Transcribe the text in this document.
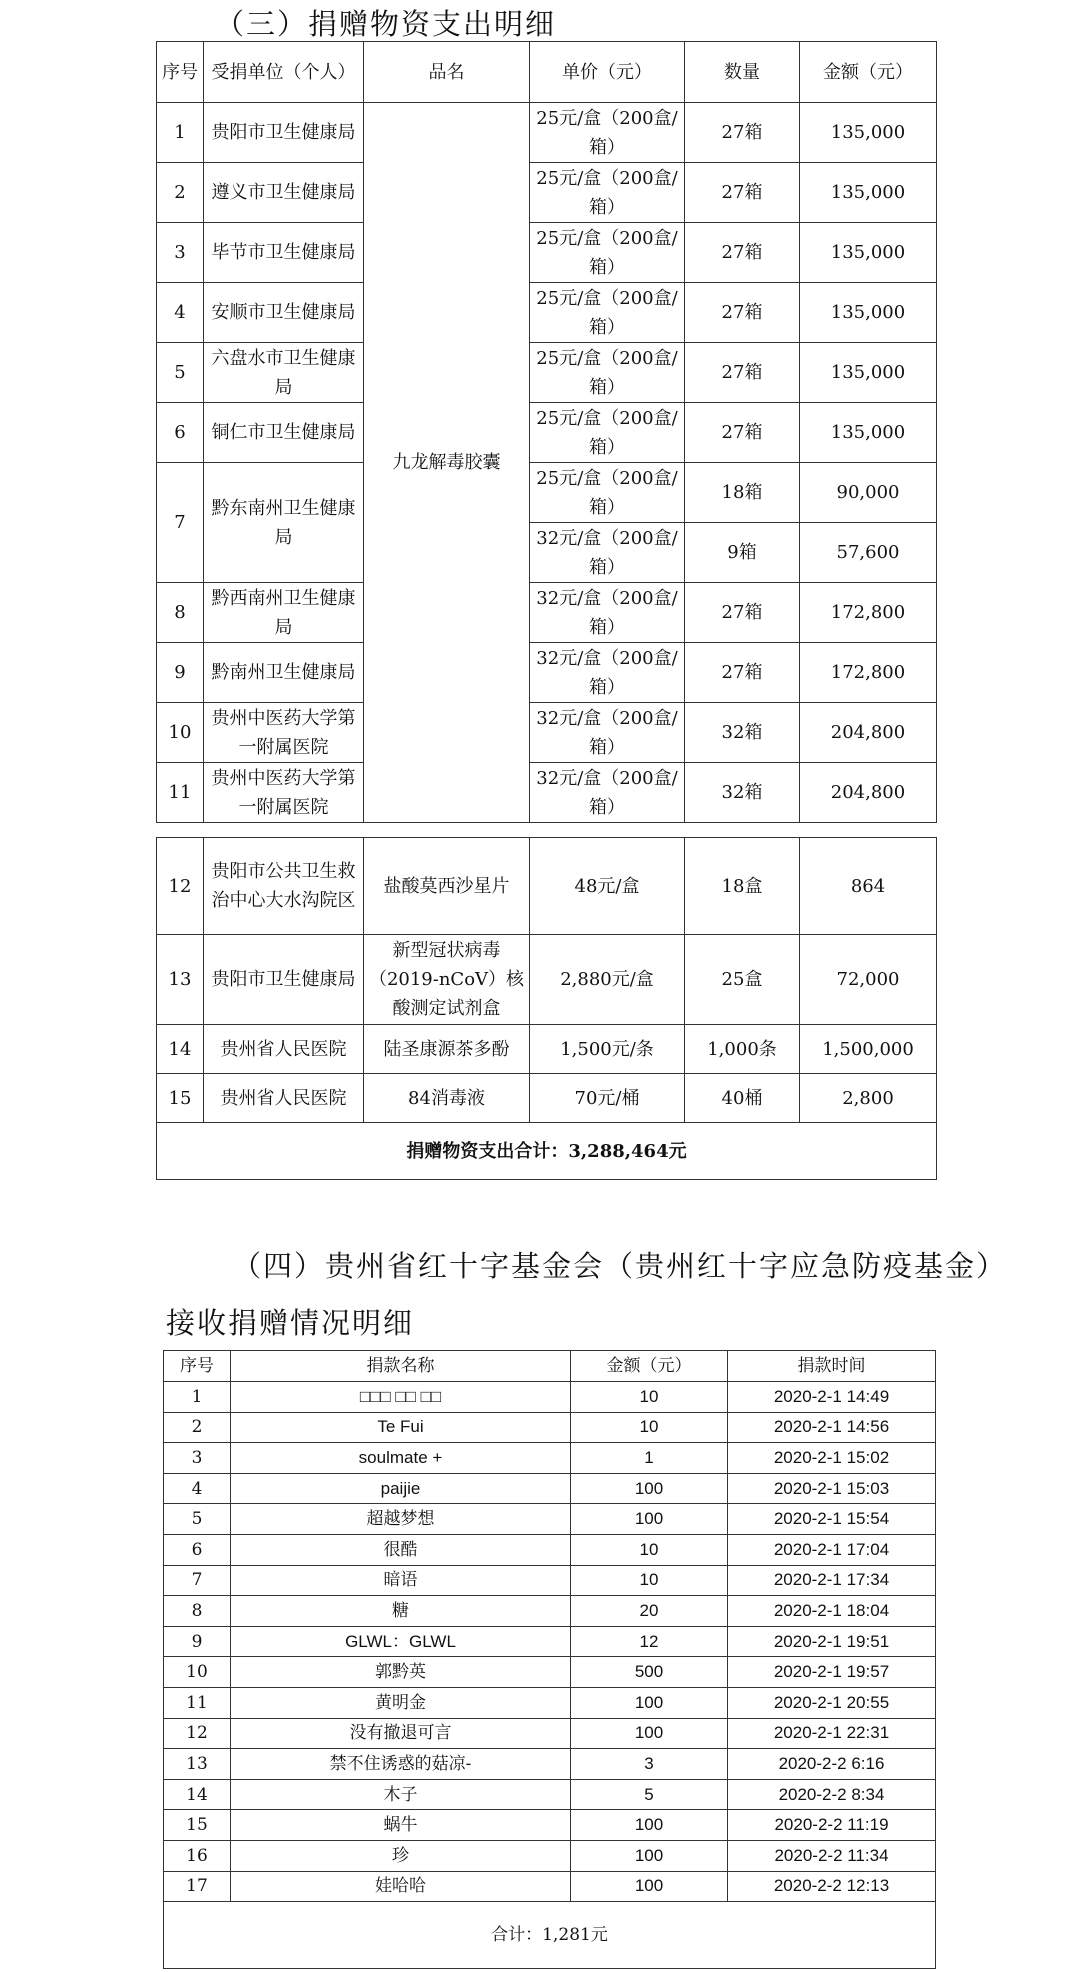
（三）捐赠物资支出明细
序号	受捐单位（个人）	品名	单价（元）	数量	金额（元）
1	贵阳市卫生健康局	九龙解毒胶囊	25元/盒（200盒/箱）	27箱	135,000
2	遵义市卫生健康局		25元/盒（200盒/箱）	27箱	135,000
3	毕节市卫生健康局		25元/盒（200盒/箱）	27箱	135,000
4	安顺市卫生健康局		25元/盒（200盒/箱）	27箱	135,000
5	六盘水市卫生健康局		25元/盒（200盒/箱）	27箱	135,000
6	铜仁市卫生健康局		25元/盒（200盒/箱）	27箱	135,000
7	黔东南州卫生健康局		25元/盒（200盒/箱）	18箱	90,000
			32元/盒（200盒/箱）	9箱	57,600
8	黔西南州卫生健康局		32元/盒（200盒/箱）	27箱	172,800
9	黔南州卫生健康局		32元/盒（200盒/箱）	27箱	172,800
10	贵州中医药大学第一附属医院		32元/盒（200盒/箱）	32箱	204,800
11	贵州中医药大学第一附属医院		32元/盒（200盒/箱）	32箱	204,800
12	贵阳市公共卫生救治中心大水沟院区	盐酸莫西沙星片	48元/盒	18盒	864
13	贵阳市卫生健康局	新型冠状病毒（2019-nCoV）核酸测定试剂盒	2,880元/盒	25盒	72,000
14	贵州省人民医院	陆圣康源茶多酚	1,500元/条	1,000条	1,500,000
15	贵州省人民医院	84消毒液	70元/桶	40桶	2,800
捐赠物资支出合计：3,288,464元					
（四）贵州省红十字基金会（贵州红十字应急防疫基金）
接收捐赠情况明细
序号	捐款名称	金额（元）	捐款时间
1	□□□ □□ □□	10	2020-2-1 14:49
2	Te Fui	10	2020-2-1 14:56
3	soulmate +	1	2020-2-1 15:02
4	paijie	100	2020-2-1 15:03
5	超越梦想	100	2020-2-1 15:54
6	很酷	10	2020-2-1 17:04
7	暗语	10	2020-2-1 17:34
8	糖	20	2020-2-1 18:04
9	GLWL：GLWL	12	2020-2-1 19:51
10	郭黔英	500	2020-2-1 19:57
11	黄明金	100	2020-2-1 20:55
12	没有撤退可言	100	2020-2-1 22:31
13	禁不住诱惑的菇凉-	3	2020-2-2 6:16
14	木子	5	2020-2-2 8:34
15	蜗牛	100	2020-2-2 11:19
16	珍	100	2020-2-2 11:34
17	娃哈哈	100	2020-2-2 12:13
合计：1,281元			
